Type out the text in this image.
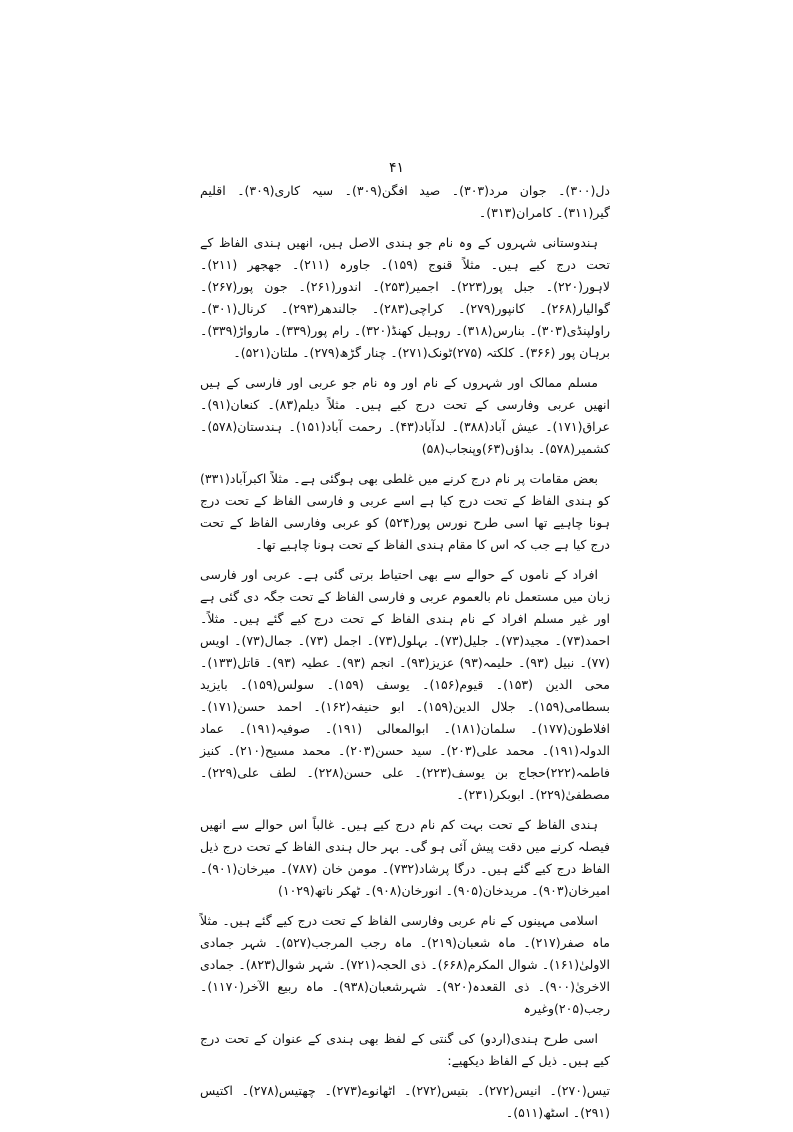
۴۱

دل(۳۰۰)۔ جوان مرد(۳۰۳)۔ صید افگن(۳۰۹)۔ سیہ کاری(۳۰۹)۔ اقلیم گیر(۳۱۱)۔ کامران(۳۱۳)۔

ہندوستانی شہروں کے وہ نام جو ہندی الاصل ہیں، انھیں ہندی الفاظ کے تحت درج کیے ہیں۔ مثلاً قنوج (۱۵۹)۔ جاورہ (۲۱۱)۔ جھجھر (۲۱۱)۔ لاہور(۲۲۰)۔ جبل پور(۲۲۳)۔ اجمیر(۲۵۳)۔ اندور(۲۶۱)۔ جون پور(۲۶۷)۔ گوالیار(۲۶۸)۔ کانپور(۲۷۹)۔ کراچی(۲۸۳)۔ جالندھر(۲۹۳)۔ کرنال(۳۰۱)۔ راولپنڈی(۳۰۳)۔ بنارس(۳۱۸)۔ روہیل کھنڈ(۳۲۰)۔ رام پور(۳۳۹)۔ مارواڑ(۳۳۹)۔ برہان پور (۳۶۶)۔ کلکتہ (۲۷۵)ٹونک(۲۷۱)۔ چنار گڑھ(۲۷۹)۔ ملتان(۵۲۱)۔

مسلم ممالک اور شہروں کے نام اور وہ نام جو عربی اور فارسی کے ہیں انھیں عربی وفارسی کے تحت درج کیے ہیں۔ مثلاً دیلم(۸۳)۔ کنعان(۹۱)۔ عراق(۱۷۱)۔ عیش آباد(۳۸۸)۔ لدآباد(۴۳)۔ رحمت آباد(۱۵۱)۔ ہندستان(۵۷۸)۔ کشمیر(۵۷۸)۔ بداؤں(۶۳)وپنجاب(۵۸)

بعض مقامات پر نام درج کرنے میں غلطی بھی ہوگئی ہے۔ مثلاً اکبرآباد(۳۳۱) کو ہندی الفاظ کے تحت درج کیا ہے اسے عربی و فارسی الفاظ کے تحت درج ہونا چاہیے تھا اسی طرح نورس پور(۵۲۴) کو عربی وفارسی الفاظ کے تحت درج کیا ہے جب کہ اس کا مقام ہندی الفاظ کے تحت ہونا چاہیے تھا۔

افراد کے ناموں کے حوالے سے بھی احتیاط برتی گئی ہے۔ عربی اور فارسی زبان میں مستعمل نام بالعموم عربی و فارسی الفاظ کے تحت جگہ دی گئی ہے اور غیر مسلم افراد کے نام ہندی الفاظ کے تحت درج کیے گئے ہیں۔ مثلاً۔ احمد(۷۳)۔ مجید(۷۳)۔ جلیل(۷۳)۔ بہلول(۷۳)۔ اجمل (۷۳)۔ جمال(۷۳)۔ اویس (۷۷)۔ نبیل (۹۳)۔ حلیمہ(۹۳) عزیز(۹۳)۔ انجم (۹۳)۔ عطیہ (۹۳)۔ قاتل(۱۳۳)۔ محی الدین (۱۵۳)۔ قیوم(۱۵۶)۔ یوسف (۱۵۹)۔ سولس(۱۵۹)۔ بایزید بسطامی(۱۵۹)۔ جلال الدین(۱۵۹)۔ ابو حنیفہ(۱۶۲)۔ احمد حسن(۱۷۱)۔ افلاطون(۱۷۷)۔ سلمان(۱۸۱)۔ ابوالمعالی (۱۹۱)۔ صوفیہ(۱۹۱)۔ عماد الدولہ(۱۹۱)۔ محمد علی(۲۰۳)۔ سید حسن(۲۰۳)۔ محمد مسیح(۲۱۰)۔ کنیز فاطمہ(۲۲۲)حجاج بن یوسف(۲۲۳)۔ علی حسن(۲۲۸)۔ لطف علی(۲۲۹)۔ مصطفیٰ(۲۲۹)۔ ابوبکر(۲۳۱)۔

ہندی الفاظ کے تحت بہت کم نام درج کیے ہیں۔ غالباً اس حوالے سے انھیں فیصلہ کرنے میں دقت پیش آئی ہو گی۔ بہر حال ہندی الفاظ کے تحت درج ذیل الفاظ درج کیے گئے ہیں۔ درگا پرشاد(۷۳۲)۔ مومن خان (۷۸۷)۔ میرخان(۹۰۱)۔ امیرخان(۹۰۳)۔ مریدخان(۹۰۵)۔ انورخان(۹۰۸)۔ ٹھکر ناتھ(۱۰۲۹)

اسلامی مہینوں کے نام عربی وفارسی الفاظ کے تحت درج کیے گئے ہیں۔ مثلاً ماہ صفر(۲۱۷)۔ ماہ شعبان(۲۱۹)۔ ماہ رجب المرجب(۵۲۷)۔ شہر جمادی الاولیٰ(۱۶۱)۔ شوال المکرم(۶۶۸)۔ ذی الحجہ(۷۲۱)۔ شہر شوال(۸۲۳)۔ جمادی الاخریٰ(۹۰۰)۔ ذی القعدہ(۹۲۰)۔ شہرشعبان(۹۳۸)۔ ماہ ربیع الآخر(۱۱۷۰)۔ رجب(۲۰۵)وغیرہ

اسی طرح ہندی(اردو) کی گنتی کے لفظ بھی ہندی کے عنوان کے تحت درج کیے ہیں۔ ذیل کے الفاظ دیکھیے:

تیس(۲۷۰)۔ انیس(۲۷۲)۔ بتیس(۲۷۲)۔ اٹھانوے(۲۷۳)۔ چھتیس(۲۷۸)۔ اکتیس (۲۹۱)۔ اسٹھ(۵۱۱)۔
